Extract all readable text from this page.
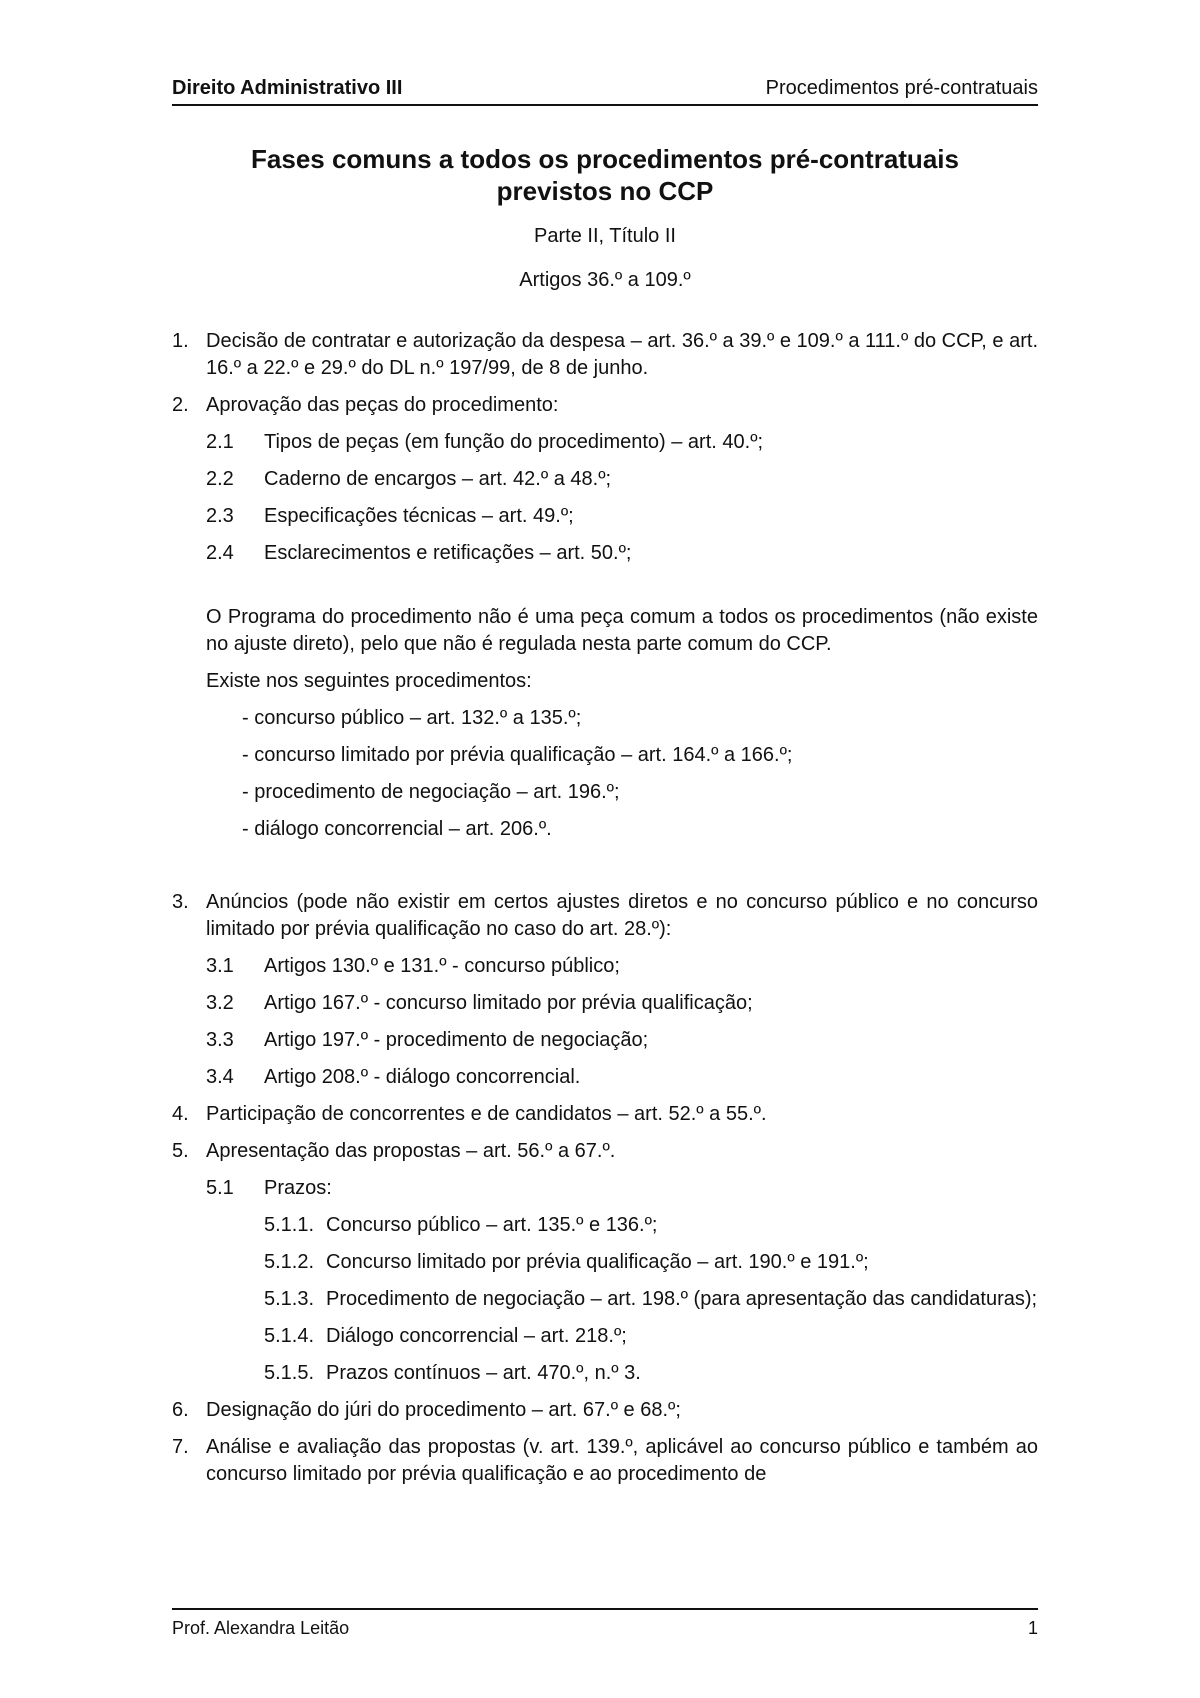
Direito Administrativo III	Procedimentos pré-contratuais
Fases comuns a todos os procedimentos pré-contratuais
previstos no CCP
Parte II, Título II
Artigos 36.º a 109.º
1. Decisão de contratar e autorização da despesa – art. 36.º a 39.º e 109.º a 111.º do CCP, e art. 16.º a 22.º e 29.º do DL n.º 197/99, de 8 de junho.
2. Aprovação das peças do procedimento:
2.1	Tipos de peças (em função do procedimento) – art. 40.º;
2.2	Caderno de encargos – art. 42.º a 48.º;
2.3	Especificações técnicas – art. 49.º;
2.4	Esclarecimentos e retificações – art. 50.º;
O Programa do procedimento não é uma peça comum a todos os procedimentos (não existe no ajuste direto), pelo que não é regulada nesta parte comum do CCP.
Existe nos seguintes procedimentos:
- concurso público – art. 132.º a 135.º;
- concurso limitado por prévia qualificação – art. 164.º a 166.º;
- procedimento de negociação – art. 196.º;
- diálogo concorrencial – art. 206.º.
3. Anúncios (pode não existir em certos ajustes diretos e no concurso público e no concurso limitado por prévia qualificação no caso do art. 28.º):
3.1	Artigos 130.º e 131.º - concurso público;
3.2	Artigo 167.º - concurso limitado por prévia qualificação;
3.3	Artigo 197.º - procedimento de negociação;
3.4	Artigo 208.º - diálogo concorrencial.
4. Participação de concorrentes e de candidatos – art. 52.º a 55.º.
5. Apresentação das propostas – art. 56.º a 67.º.
5.1	Prazos:
5.1.1. Concurso público – art. 135.º e 136.º;
5.1.2. Concurso limitado por prévia qualificação – art. 190.º e 191.º;
5.1.3. Procedimento de negociação – art. 198.º (para apresentação das candidaturas);
5.1.4. Diálogo concorrencial – art. 218.º;
5.1.5. Prazos contínuos – art. 470.º, n.º 3.
6. Designação do júri do procedimento – art. 67.º e 68.º;
7. Análise e avaliação das propostas (v. art. 139.º, aplicável ao concurso público e também ao concurso limitado por prévia qualificação e ao procedimento de
Prof. Alexandra Leitão	1
